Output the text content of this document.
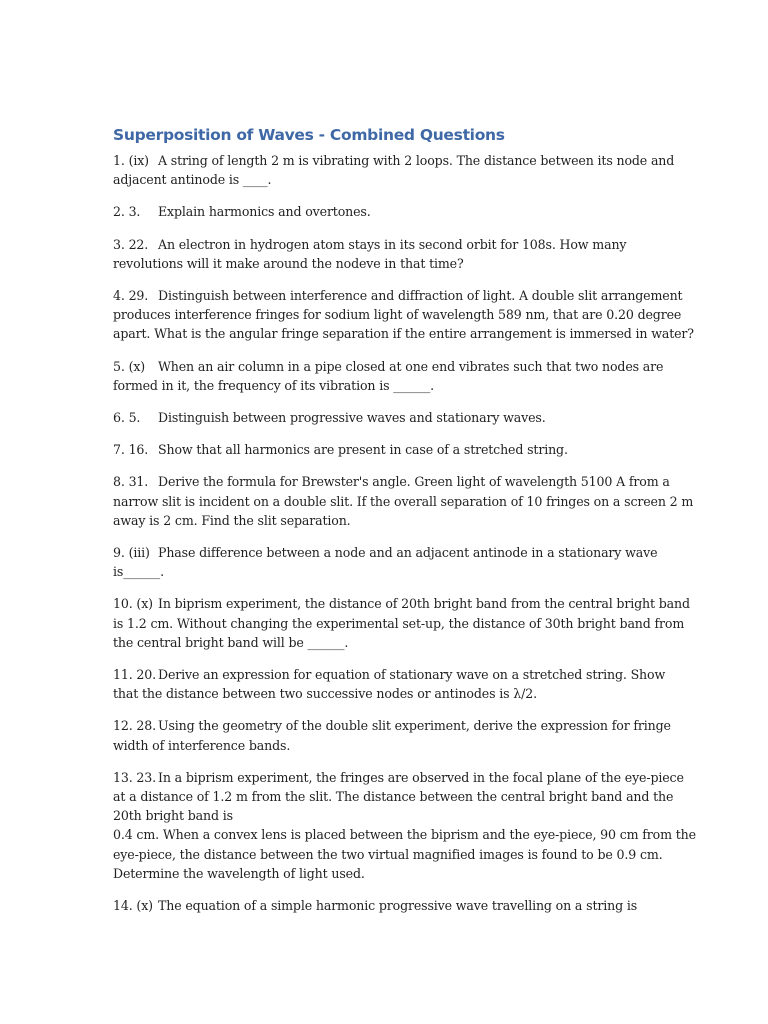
Superposition of Waves - Combined Questions
1. (ix) A string of length 2 m is vibrating with 2 loops. The distance between its node and
adjacent antinode is ____.
2. 3. Explain harmonics and overtones.
3. 22. An electron in hydrogen atom stays in its second orbit for 108s. How many
revolutions will it make around the nodeve in that time?
4. 29. Distinguish between interference and diffraction of light. A double slit arrangement
produces interference fringes for sodium light of wavelength 589 nm, that are 0.20 degree
apart. What is the angular fringe separation if the entire arrangement is immersed in water?
5. (x) When an air column in a pipe closed at one end vibrates such that two nodes are
formed in it, the frequency of its vibration is ______.
6. 5. Distinguish between progressive waves and stationary waves.
7. 16. Show that all harmonics are present in case of a stretched string.
8. 31. Derive the formula for Brewster's angle. Green light of wavelength 5100 A from a
narrow slit is incident on a double slit. If the overall separation of 10 fringes on a screen 2 m
away is 2 cm. Find the slit separation.
9. (iii) Phase difference between a node and an adjacent antinode in a stationary wave
is______.
10. (x) In biprism experiment, the distance of 20th bright band from the central bright band
is 1.2 cm. Without changing the experimental set-up, the distance of 30th bright band from
the central bright band will be ______.
11. 20. Derive an expression for equation of stationary wave on a stretched string. Show
that the distance between two successive nodes or antinodes is λ/2.
12. 28. Using the geometry of the double slit experiment, derive the expression for fringe
width of interference bands.
13. 23. In a biprism experiment, the fringes are observed in the focal plane of the eye-piece
at a distance of 1.2 m from the slit. The distance between the central bright band and the
20th bright band is
0.4 cm. When a convex lens is placed between the biprism and the eye-piece, 90 cm from the
eye-piece, the distance between the two virtual magnified images is found to be 0.9 cm.
Determine the wavelength of light used.
14. (x) The equation of a simple harmonic progressive wave travelling on a string is
